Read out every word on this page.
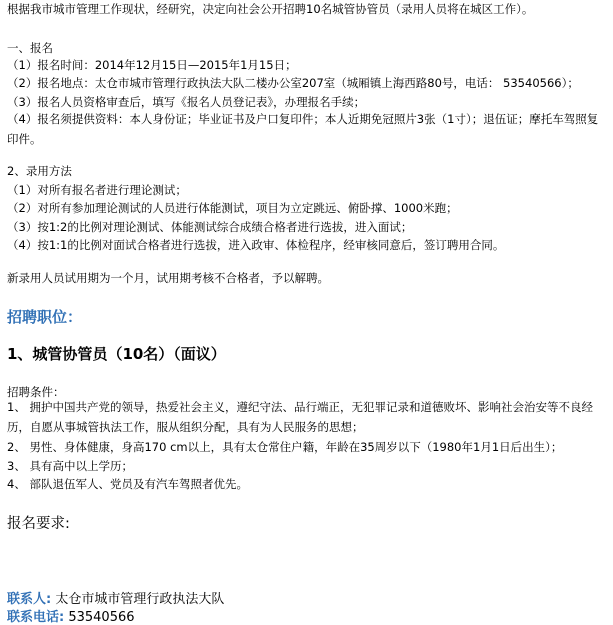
根据我市城市管理工作现状，经研究，决定向社会公开招聘10名城管协管员（录用人员将在城区工作）。
一、报名
（1）报名时间：2014年12月15日—2015年1月15日；
（2）报名地点：太仓市城市管理行政执法大队二楼办公室207室（城厢镇上海西路80号，电话： 53540566）；
（3）报名人员资格审查后，填写《报名人员登记表》，办理报名手续；
（4）报名须提供资料：本人身份证；毕业证书及户口复印件；本人近期免冠照片3张（1寸）；退伍证；摩托车驾照复印件。
2、录用方法
（1）对所有报名者进行理论测试；
（2）对所有参加理论测试的人员进行体能测试，项目为立定跳远、俯卧撑、1000米跑；
（3）按1:2的比例对理论测试、体能测试综合成绩合格者进行选拔，进入面试；
（4）按1:1的比例对面试合格者进行选拔，进入政审、体检程序，经审核同意后，签订聘用合同。
新录用人员试用期为一个月，试用期考核不合格者，予以解聘。
招聘职位：
1、城管协管员（10名）（面议）
招聘条件：
1、 拥护中国共产党的领导，热爱社会主义，遵纪守法、品行端正，无犯罪记录和道德败坏、影响社会治安等不良经历，自愿从事城管执法工作，服从组织分配，具有为人民服务的思想；
2、 男性、身体健康，身高170 cm以上，具有太仓常住户籍，年龄在35周岁以下（1980年1月1日后出生）；
3、 具有高中以上学历；
4、 部队退伍军人、党员及有汽车驾照者优先。
报名要求:
联系人: 太仓市城市管理行政执法大队
联系电话: 53540566
